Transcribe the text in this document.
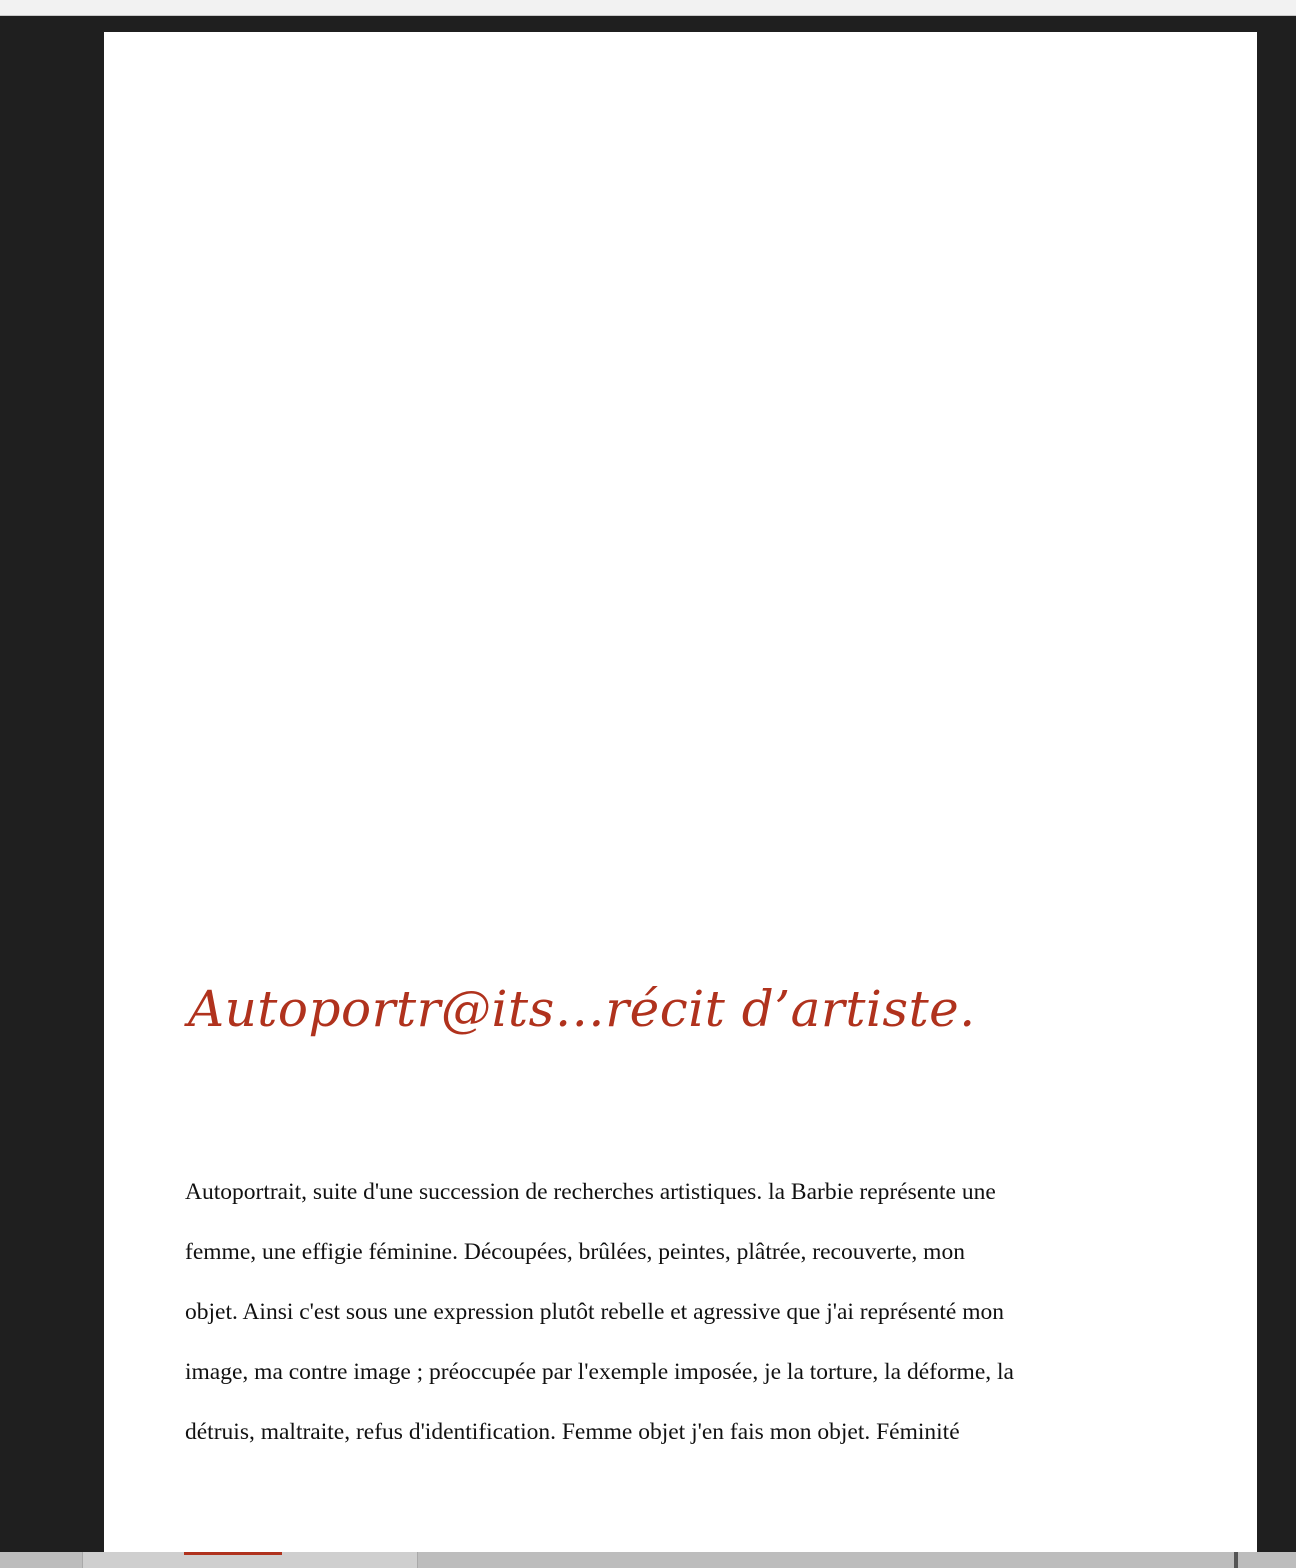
Autoportr@its…récit d’artiste.

Autoportrait, suite d'une succession de recherches artistiques. la Barbie représente une
femme, une effigie féminine. Découpées, brûlées, peintes, plâtrée, recouverte, mon
objet. Ainsi c'est sous une expression plutôt rebelle et agressive que j'ai représenté mon
image, ma contre image ; préoccupée par l'exemple imposée, je la torture, la déforme, la
détruis, maltraite, refus d'identification. Femme objet j'en fais mon objet. Féminité
